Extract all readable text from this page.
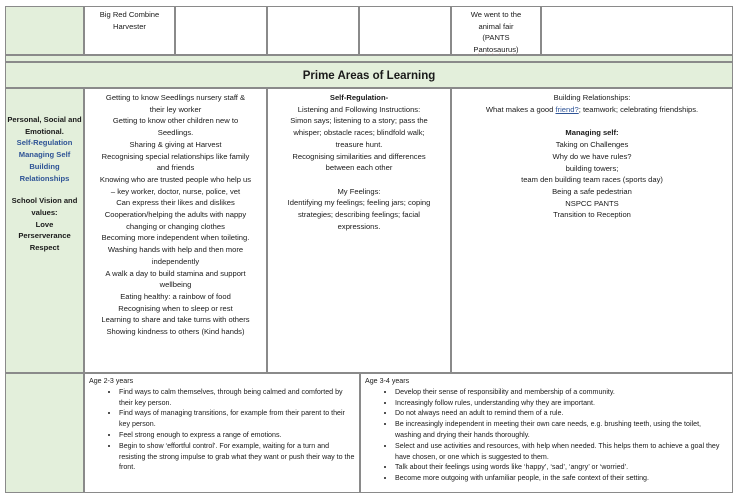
Big Red Combine
Harvester
We went to the
animal fair
(PANTS
Pantosaurus)
Prime Areas of Learning
Personal, Social and Emotional.
Self-Regulation
Managing Self
Building
Relationships
School Vision and values:
Love
Perserverance
Respect
Getting to know Seedlings nursery staff &
their ley worker
Getting to know other children new to
Seedlings.
Sharing & giving at Harvest
Recognising special relationships like family
and friends
Knowing who are trusted people who help us
– key worker, doctor, nurse, police, vet
Can express their likes and dislikes
Cooperation/helping the adults with nappy
changing or changing clothes
Becoming more independent when toileting.
Washing hands with help and then more
independently
A walk a day to build stamina and support
wellbeing
Eating healthy: a rainbow of food
Recognising when to sleep or rest
Learning to share and take turns with others
Showing kindness to others (Kind hands)
Self-Regulation-
Listening and Following Instructions:
Simon says; listening to a story; pass the
whisper; obstacle races; blindfold walk;
treasure hunt.
Recognising similarities and differences
between each other
My Feelings:
Identifying my feelings; feeling jars; coping
strategies; describing feelings; facial
expressions.
Building Relationships:
What makes a good friend?; teamwork; celebrating friendships.
Managing self:
Taking on Challenges
Why do we have rules?
building towers;
team den building team races (sports day)
Being a safe pedestrian
NSPCC PANTS
Transition to Reception
Age 2-3 years
• Find ways to calm themselves, through being calmed and comforted by their key person.
• Find ways of managing transitions, for example from their parent to their key person.
• Feel strong enough to express a range of emotions.
• Begin to show ‘effortful control’. For example, waiting for a turn and resisting the strong impulse to grab what they want or push their way to the front.
Age 3-4 years
• Develop their sense of responsibility and membership of a community.
• Increasingly follow rules, understanding why they are important.
• Do not always need an adult to remind them of a rule.
• Be increasingly independent in meeting their own care needs, e.g. brushing teeth, using the toilet, washing and drying their hands thoroughly.
• Select and use activities and resources, with help when needed. This helps them to achieve a goal they have chosen, or one which is suggested to them.
• Talk about their feelings using words like ‘happy’, ‘sad’, ‘angry’ or ‘worried’.
• Become more outgoing with unfamiliar people, in the safe context of their setting.
